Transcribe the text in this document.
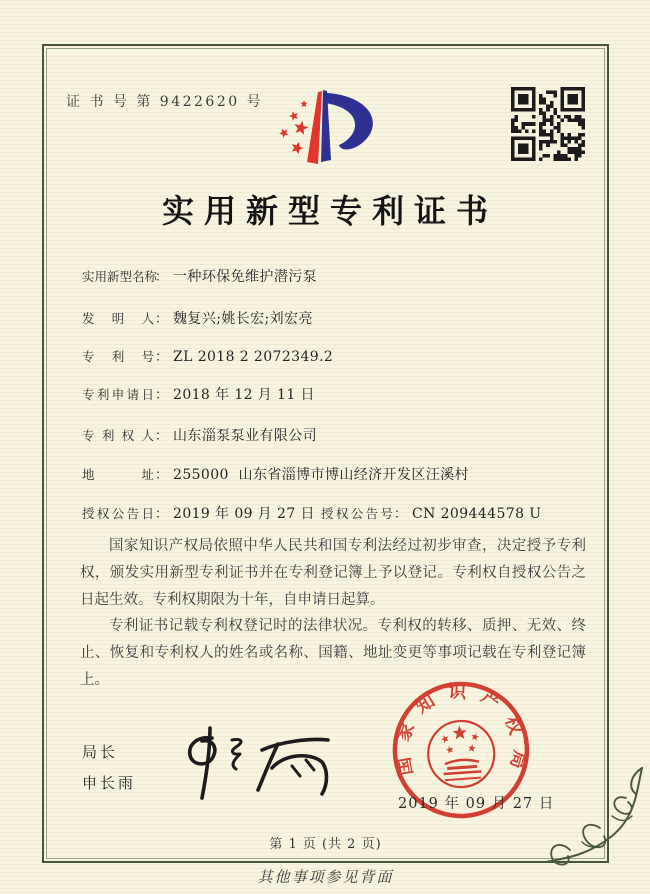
证 书 号 第 9422620 号
实用新型专利证书
实用新型名称： 一种环保免维护潜污泵
发明人： 魏复兴;姚长宏;刘宏亮
专利号： ZL 2018 2 2072349.2
专利申请日： 2018 年 12 月 11 日
专利权人： 山东淄泵泵业有限公司
地址： 255000  山东省淄博市博山经济开发区汪溪村
授权公告日： 2019 年 09 月 27 日 授权公告号： CN 209444578 U

国家知识产权局依照中华人民共和国专利法经过初步审查，决定授予专利权，颁发实用新型专利证书并在专利登记簿上予以登记。专利权自授权公告之日起生效。专利权期限为十年，自申请日起算。

专利证书记载专利权登记时的法律状况。专利权的转移、质押、无效、终止、恢复和专利权人的姓名或名称、国籍、地址变更等事项记载在专利登记簿上。

局长
申长雨
国家知识产权局
2019 年 09 月 27 日
第 1 页 (共 2 页)
其他事项参见背面
